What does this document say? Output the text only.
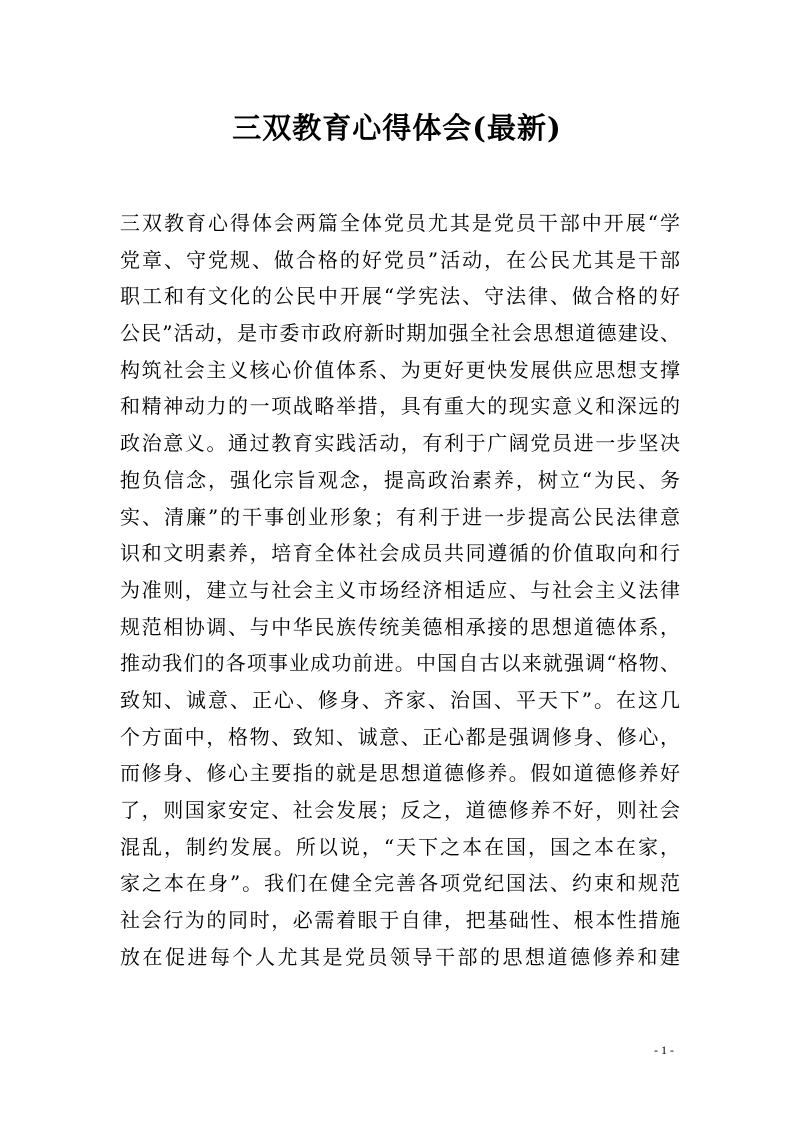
三双教育心得体会(最新)
三双教育心得体会两篇全体党员尤其是党员干部中开展“学
党章、守党规、做合格的好党员”活动，在公民尤其是干部
职工和有文化的公民中开展“学宪法、守法律、做合格的好
公民”活动，是市委市政府新时期加强全社会思想道德建设、
构筑社会主义核心价值体系、为更好更快发展供应思想支撑
和精神动力的一项战略举措，具有重大的现实意义和深远的
政治意义。通过教育实践活动，有利于广阔党员进一步坚决
抱负信念，强化宗旨观念，提高政治素养，树立“为民、务
实、清廉”的干事创业形象；有利于进一步提高公民法律意
识和文明素养，培育全体社会成员共同遵循的价值取向和行
为准则，建立与社会主义市场经济相适应、与社会主义法律
规范相协调、与中华民族传统美德相承接的思想道德体系，
推动我们的各项事业成功前进。中国自古以来就强调“格物、
致知、诚意、正心、修身、齐家、治国、平天下”。在这几
个方面中，格物、致知、诚意、正心都是强调修身、修心，
而修身、修心主要指的就是思想道德修养。假如道德修养好
了，则国家安定、社会发展；反之，道德修养不好，则社会
混乱，制约发展。所以说，“天下之本在国，国之本在家，
家之本在身”。我们在健全完善各项党纪国法、约束和规范
社会行为的同时，必需着眼于自律，把基础性、根本性措施
放在促进每个人尤其是党员领导干部的思想道德修养和建
- 1 -
